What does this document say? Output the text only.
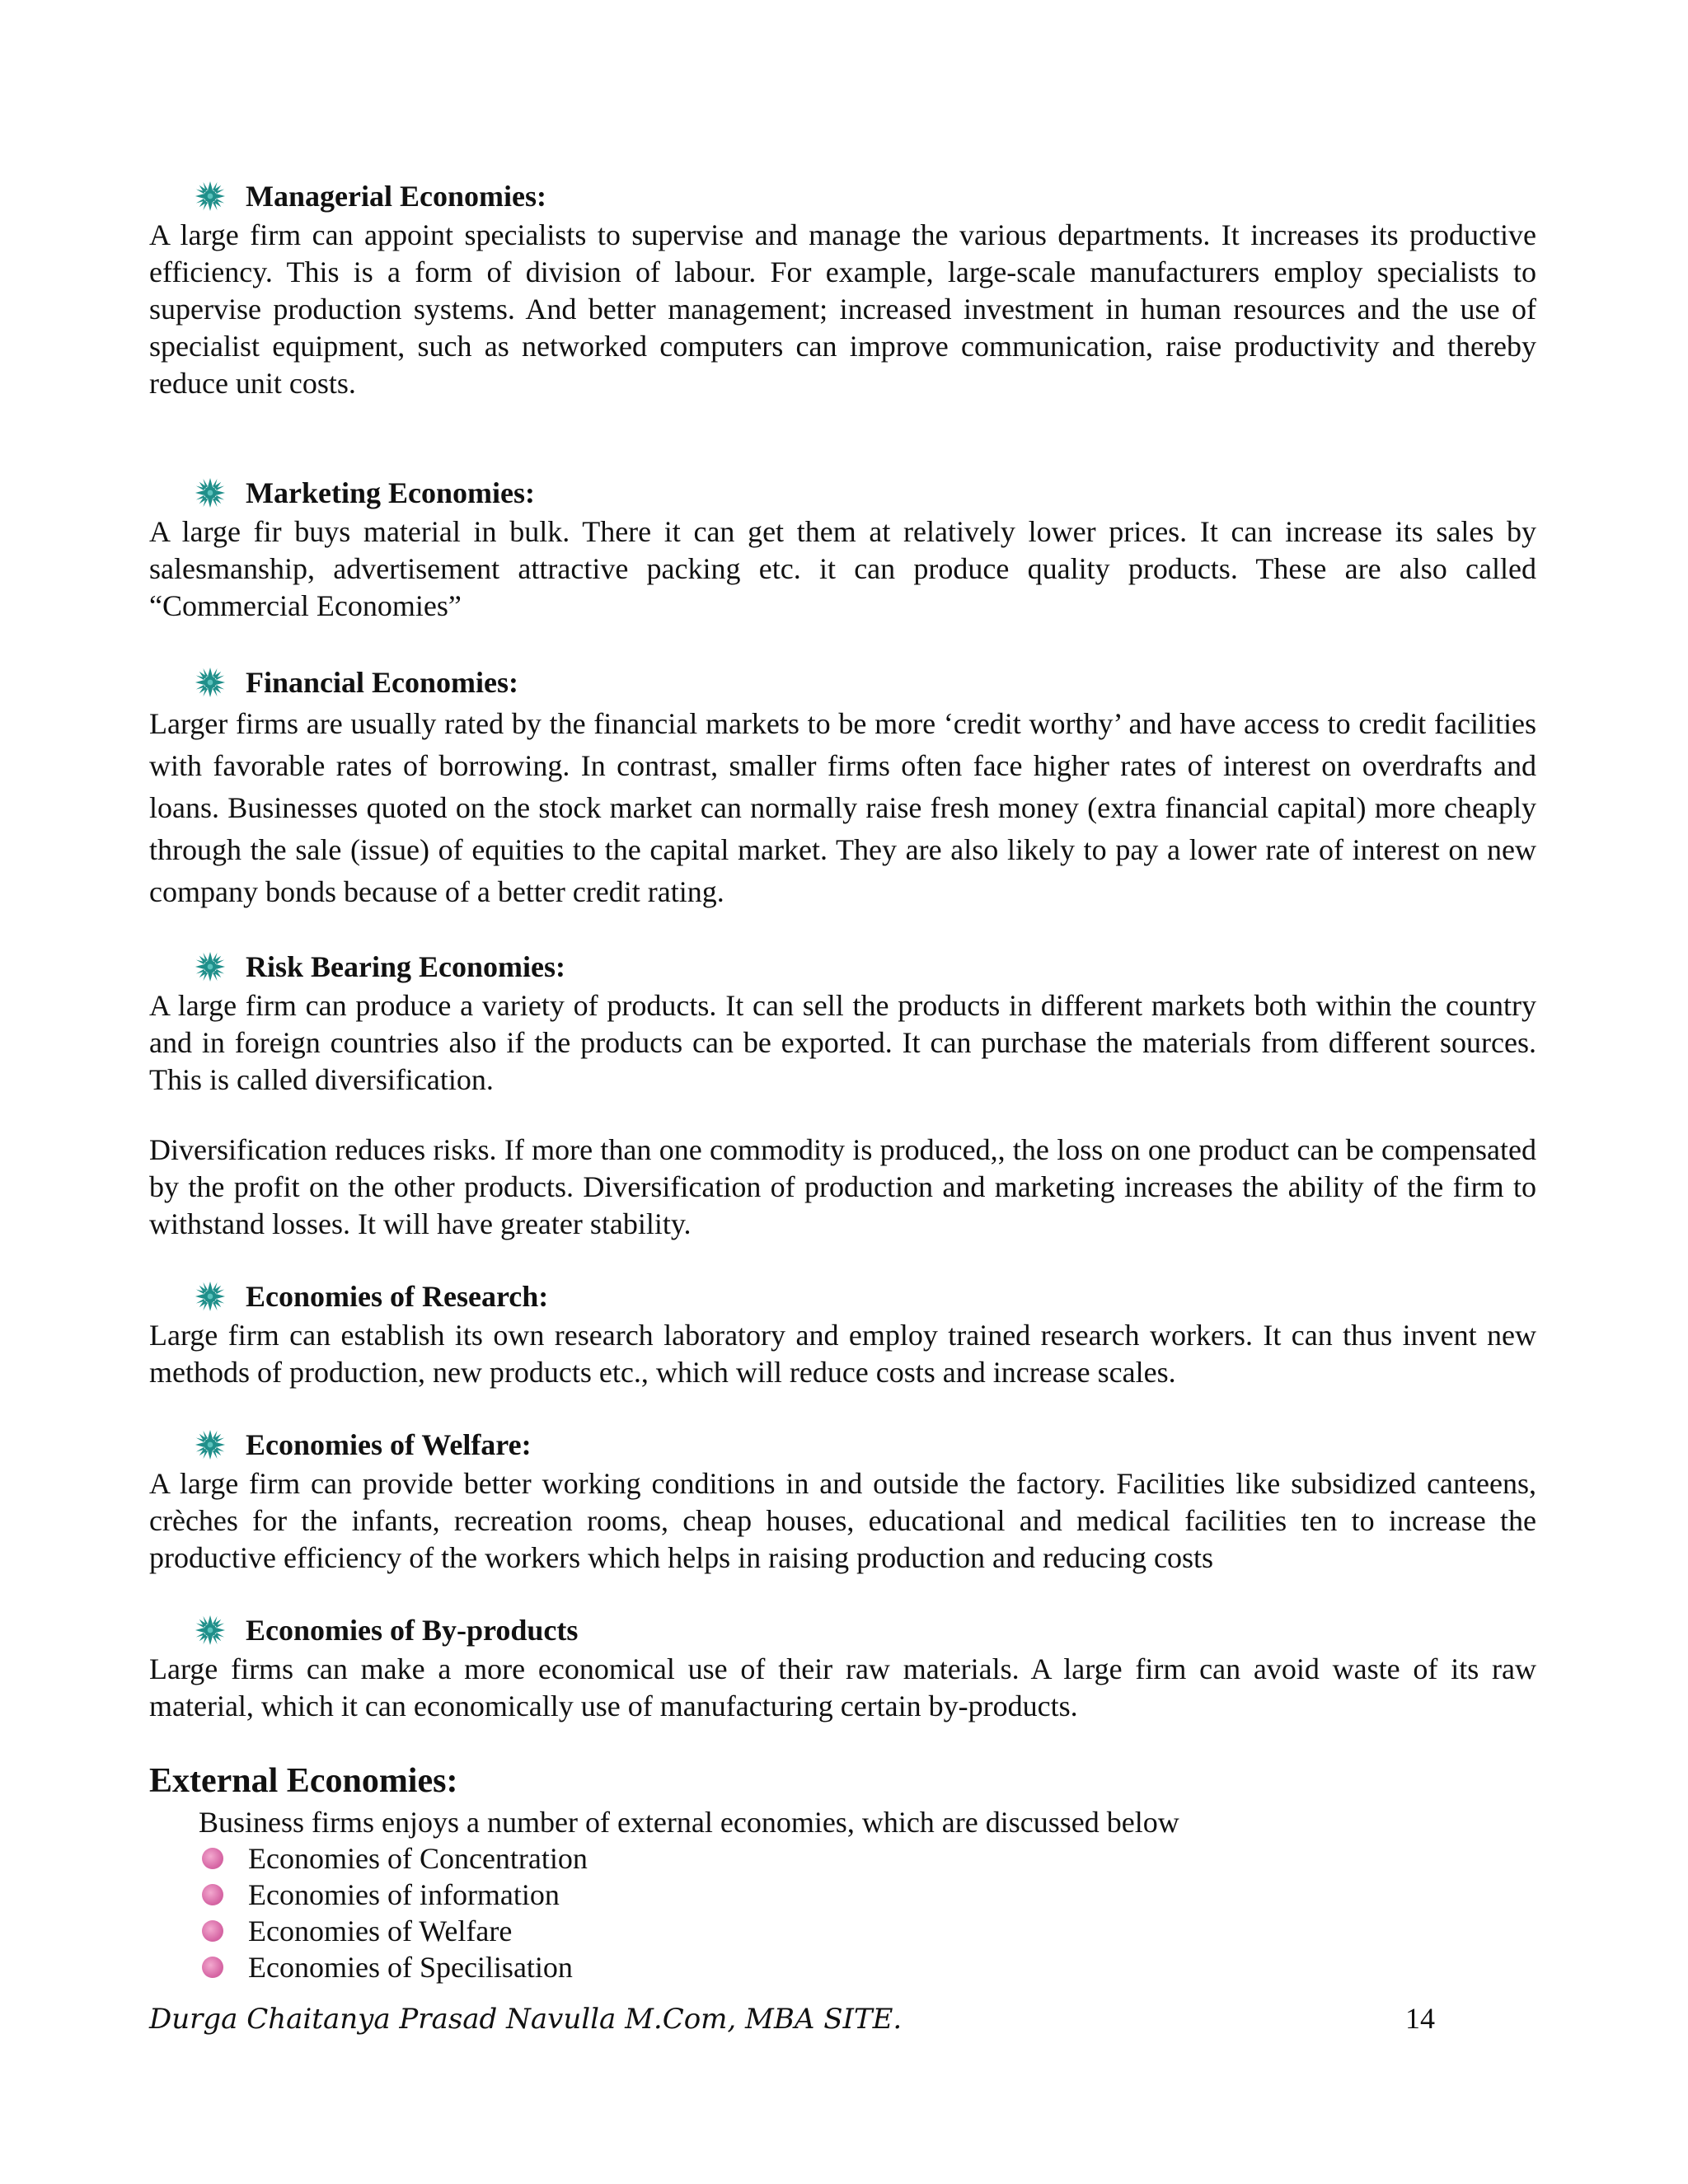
Managerial Economies:

A large firm can appoint specialists to supervise and manage the various departments. It increases its productive efficiency. This is a form of division of labour. For example, large-scale manufacturers employ specialists to supervise production systems. And better management; increased investment in human resources and the use of specialist equipment, such as networked computers can improve communication, raise productivity and thereby reduce unit costs.

Marketing Economies:

A large fir buys material in bulk. There it can get them at relatively lower prices. It can increase its sales by salesmanship, advertisement attractive packing etc. it can produce quality products. These are also called “Commercial Economies”

Financial Economies:

Larger firms are usually rated by the financial markets to be more ‘credit worthy’ and have access to credit facilities with favorable rates of borrowing. In contrast, smaller firms often face higher rates of interest on overdrafts and loans. Businesses quoted on the stock market can normally raise fresh money (extra financial capital) more cheaply through the sale (issue) of equities to the capital market. They are also likely to pay a lower rate of interest on new company bonds because of a better credit rating.

Risk Bearing Economies:

A large firm can produce a variety of products. It can sell the products in different markets both within the country and in foreign countries also if the products can be exported. It can purchase the materials from different sources. This is called diversification.

Diversification reduces risks. If more than one commodity is produced,, the loss on one product can be compensated by the profit on the other products. Diversification of production and marketing increases the ability of the firm to withstand losses. It will have greater stability.

Economies of Research:

Large firm can establish its own research laboratory and employ trained research workers. It can thus invent new methods of production, new products etc., which will reduce costs and increase scales.

Economies of Welfare:

A large firm can provide better working conditions in and outside the factory. Facilities like subsidized canteens, crèches for the infants, recreation rooms, cheap houses, educational and medical facilities ten to increase the productive efficiency of the workers which helps in raising production and reducing costs

Economies of By-products

Large firms can make a more economical use of their raw materials. A large firm can avoid waste of its raw material, which it can economically use of manufacturing certain by-products.

External Economies:

Business firms enjoys a number of external economies, which are discussed below

Economies of Concentration
Economies of information
Economies of Welfare
Economies of Specilisation
Durga Chaitanya Prasad Navulla M.Com, MBA SITE.	14
